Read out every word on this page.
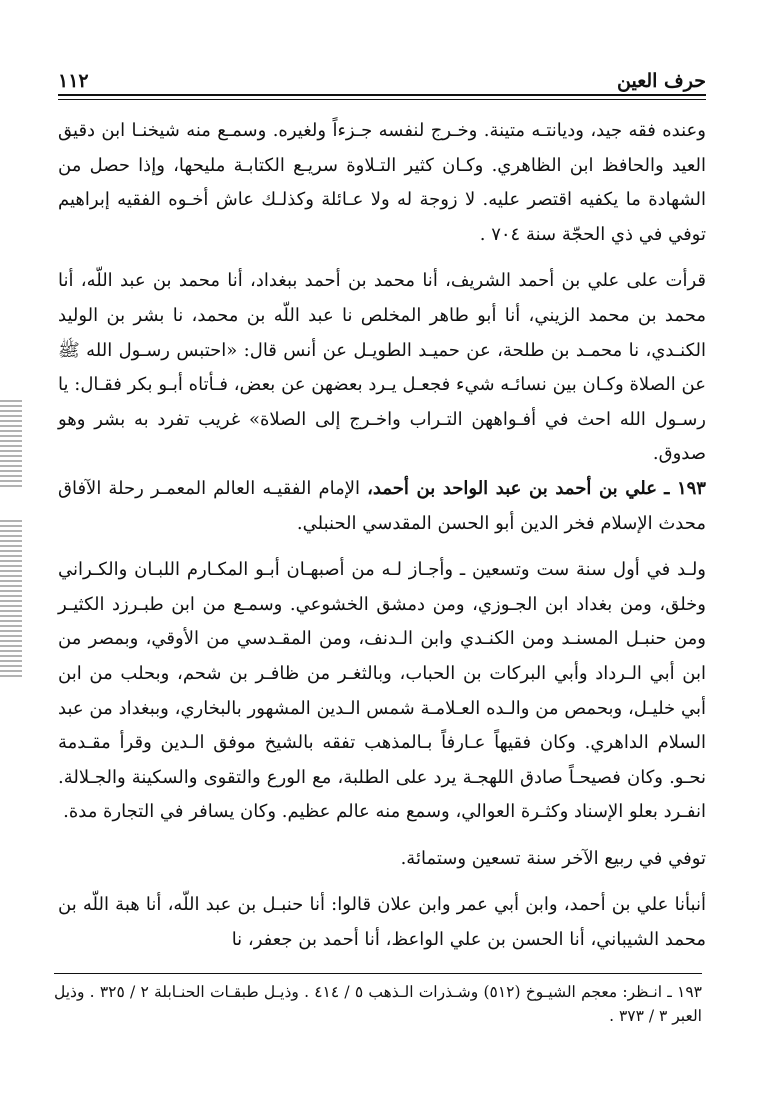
حرف العين
١١٢

وعنده فقه جيد، وديانتـه متينة. وخـرج لنفسه جـزءاً ولغيره. وسمـع منه شيخنـا ابن دقيق العيد والحافظ ابن الظاهري. وكـان كثير التـلاوة سريـع الكتابـة مليحها، وإذا حصل من الشهادة ما يكفيه اقتصر عليه. لا زوجة له ولا عـائلة وكذلـك عاش أخـوه الفقيه إبراهيم توفي في ذي الحجّة سنة ٧٠٤ .

قرأت على علي بن أحمد الشريف، أنا محمد بن أحمد ببغداد، أنا محمد بن عبد اللّه، أنا محمد بن محمد الزيني، أنا أبو طاهر المخلص نا عبد اللّه بن محمد، نا بشر بن الوليد الكنـدي، نا محمـد بن طلحة، عن حميـد الطويـل عن أنس قال: «احتبس رسـول الله ﷺ عن الصلاة وكـان بين نسائـه شيء فجعـل يـرد بعضهن عن بعض، فـأتاه أبـو بكر فقـال: يا رسـول الله احث في أفـواههن التـراب واخـرج إلى الصلاة» غريب تفرد به بشر وهو صدوق.

١٩٣ ـ علي بن أحمد بن عبد الواحد بن أحمد، الإمام الفقيـه العالم المعمـر رحلة الآفاق محدث الإسلام فخر الدين أبو الحسن المقدسي الحنبلي.

ولـد في أول سنة ست وتسعين ـ وأجـاز لـه من أصبهـان أبـو المكـارم اللبـان والكـراني وخلق، ومن بغداد ابن الجـوزي، ومن دمشق الخشوعي. وسمـع من ابن طبـرزد الكثيـر ومن حنبـل المسنـد ومن الكنـدي وابن الـدنف، ومن المقـدسي من الأوقي، وبمصر من ابن أبي الـرداد وأبي البركات بن الحباب، وبالثغـر من ظافـر بن شحم، وبحلب من ابن أبي خليـل، وبحمص من والـده العـلامـة شمس الـدين المشهور بالبخاري، وببغداد من عبد السلام الداهري. وكان فقيهاً عـارفاً بـالمذهب تفقه بالشيخ موفق الـدين وقرأ مقـدمة نحـو. وكان فصيحـاً صادق اللهجـة يرد على الطلبة، مع الورع والتقوى والسكينة والجـلالة. انفـرد بعلو الإسناد وكثـرة العوالي، وسمع منه عالم عظيم. وكان يسافر في التجارة مدة.

توفي في ربيع الآخر سنة تسعين وستمائة.

أنبأنا علي بن أحمد، وابن أبي عمر وابن علان قالوا: أنا حنبـل بن عبد اللّه، أنا هبة اللّه بن محمد الشيباني، أنا الحسن بن علي الواعظ، أنا أحمد بن جعفر، نا

١٩٣ ـ انـظر: معجم الشيـوخ (٥١٢) وشـذرات الـذهب ٥ / ٤١٤ . وذيـل طبقـات الحنـابلة ٢ / ٣٢٥ . وذيل العبر ٣ / ٣٧٣ .
